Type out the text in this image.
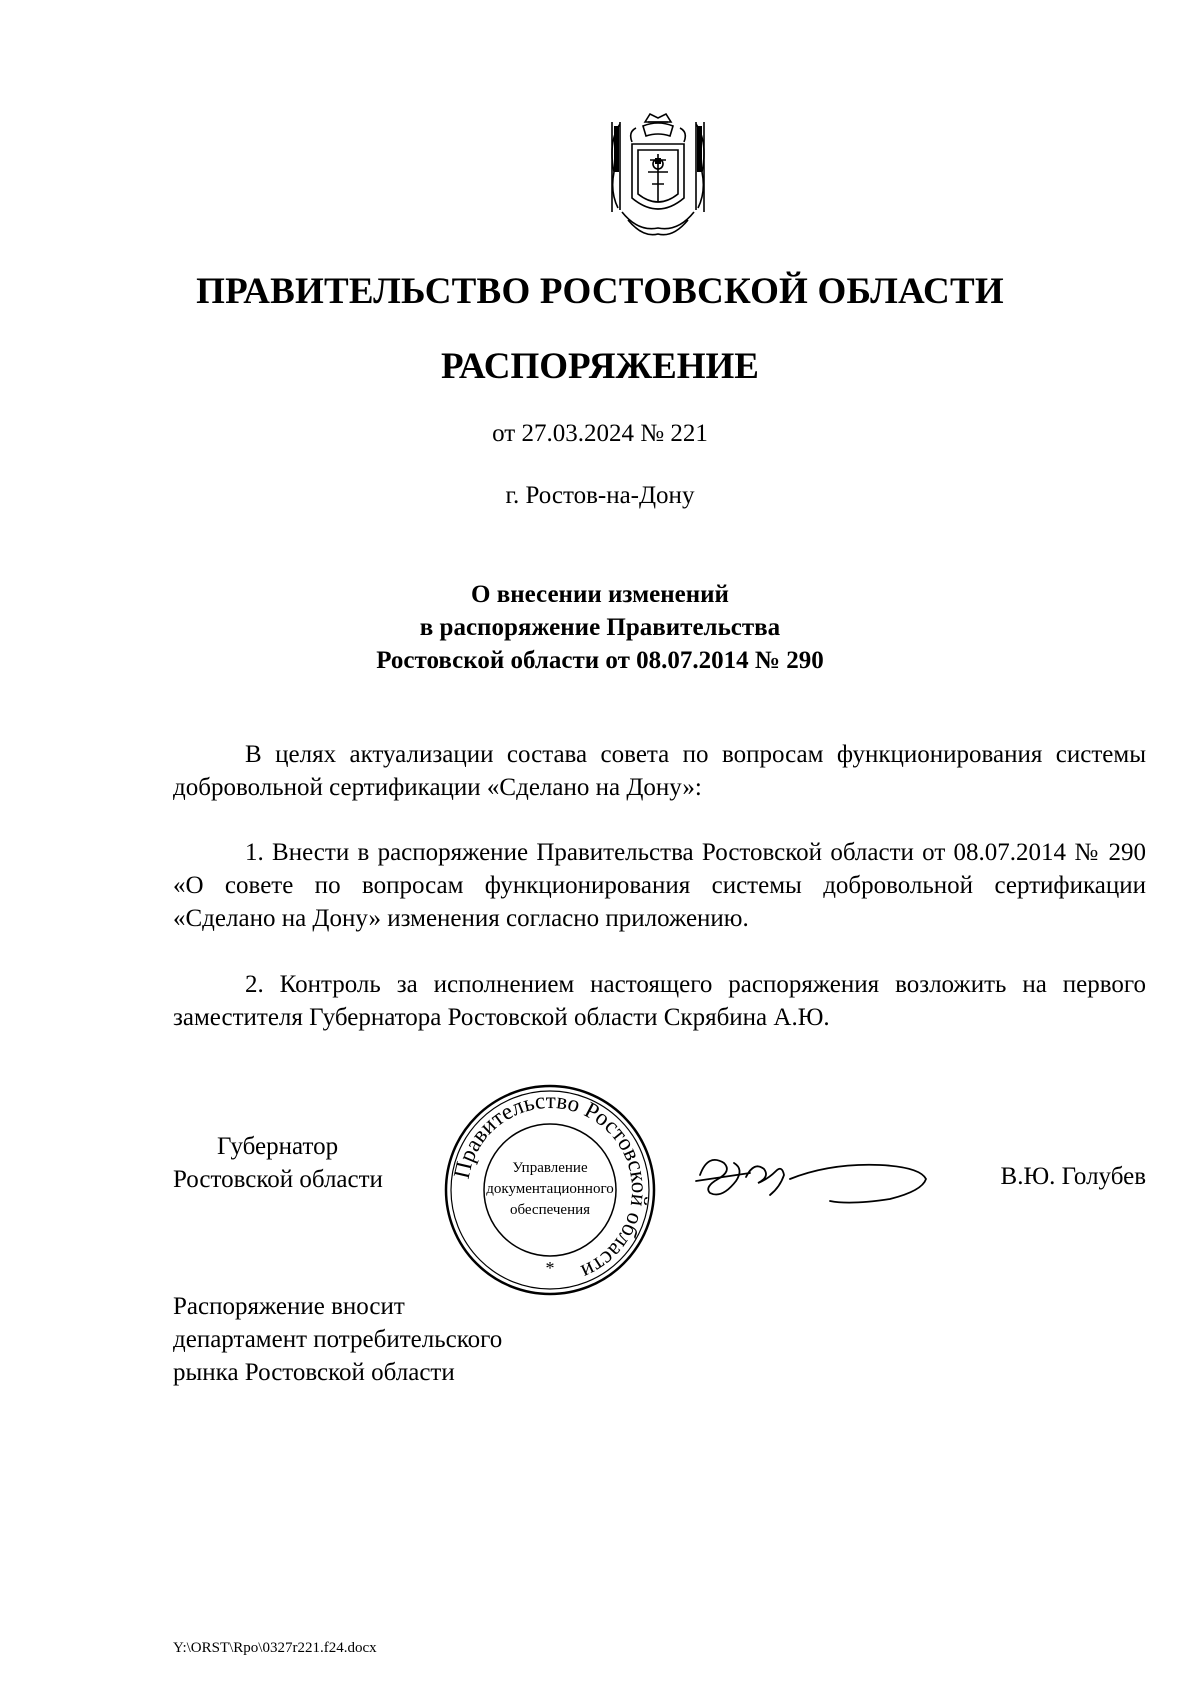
ПРАВИТЕЛЬСТВО РОСТОВСКОЙ ОБЛАСТИ
РАСПОРЯЖЕНИЕ
от 27.03.2024 № 221
г. Ростов-на-Дону
О внесении изменений
в распоряжение Правительства
Ростовской области от 08.07.2014 № 290
В целях актуализации состава совета по вопросам функционирования системы добровольной сертификации «Сделано на Дону»:
1. Внести в распоряжение Правительства Ростовской области от 08.07.2014 № 290 «О совете по вопросам функционирования системы добровольной сертификации «Сделано на Дону» изменения согласно приложению.
2. Контроль за исполнением настоящего распоряжения возложить на первого заместителя Губернатора Ростовской области Скрябина А.Ю.
Губернатор
Ростовской области	Правительство Ростовской области
Управление
документационного
обеспечения
*
В.Ю. Голубев
Распоряжение вносит
департамент потребительского
рынка Ростовской области
Y:\ORST\Rpo\0327r221.f24.docx
